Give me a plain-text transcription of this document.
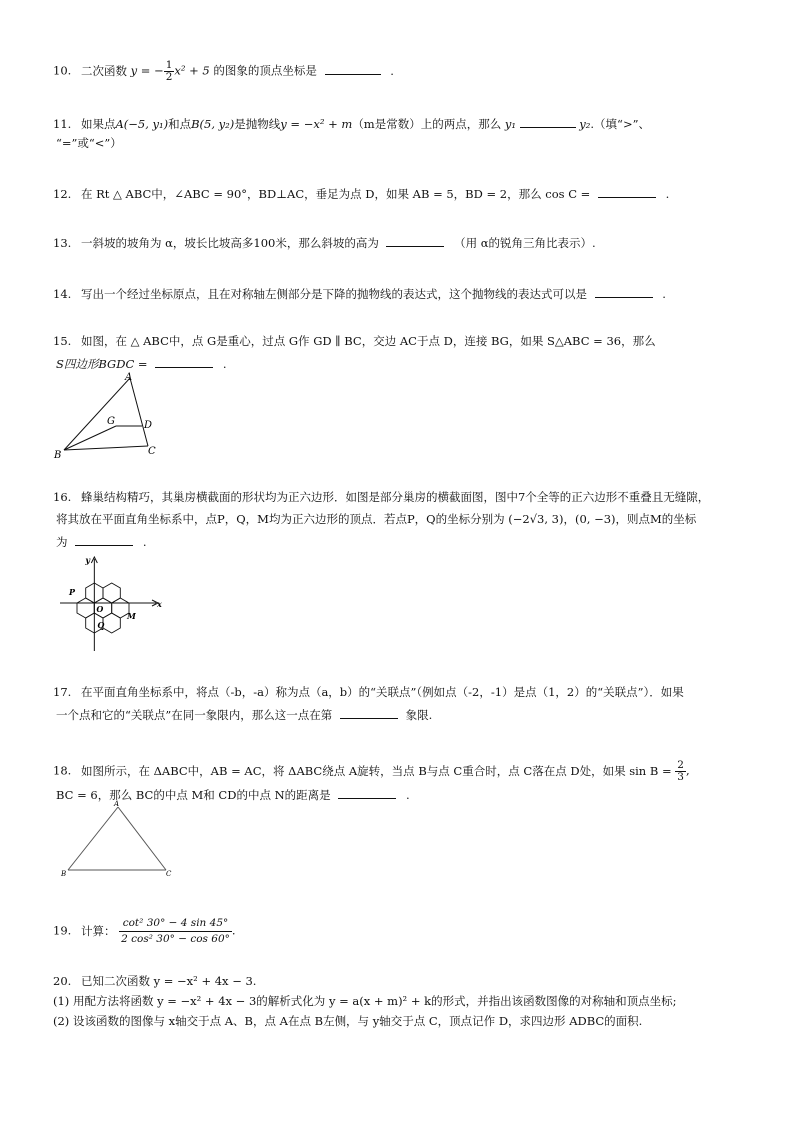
10. 二次函数 y = − $\frac{1}{2} x^2 + 5$ 的图象的顶点坐标是	.
11. 如果点A(−5, y₁)和点B(5, y₂)是抛物线y = −x² + m（m是常数）上的两点，那么 y₁	y₂.（填“>”、
“=”或“<”）
12. 在 Rt △ ABC中，∠ABC = 90°，BD⊥AC，垂足为点 D，如果 AB = 5，BD = 2，那么 cos C =	.
13. 一斜坡的坡角为 α，坡长比坡高多100米，那么斜坡的高为	（用 α的锐角三角比表示）.
14. 写出一个经过坐标原点，且在对称轴左侧部分是下降的抛物线的表达式，这个抛物线的表达式可以是	.
15. 如图，在 △ ABC中，点 G是重心，过点 G作 GD ∥ BC，交边 AC于点 D，连接 BG，如果 S△ABC = 36，那么
S四边形BGDC =	.
A
B	C
G	D
16. 蜂巢结构精巧，其巢房横截面的形状均为正六边形．如图是部分巢房的横截面图，图中7个全等的正六边形不重叠且无缝隙，
将其放在平面直角坐标系中，点P，Q，M均为正六边形的顶点．若点P，Q的坐标分别为 (−2√3, 3)，(0, −3)，则点M的坐标
为	.
y
x
P
O
Q
M
17. 在平面直角坐标系中，将点（-b，-a）称为点（a，b）的“关联点”（例如点（-2，-1）是点（1，2）的“关联点”）．如果
一个点和它的“关联点”在同一象限内，那么这一点在第	象限.
18. 如图所示，在 ΔABC中，AB = AC，将 ΔABC绕点 A旋转，当点 B与点 C重合时，点 C落在点 D处，如果 $\sin B = \frac{2}{3}$ ,
BC = 6，那么 BC的中点 M和 CD的中点 N的距离是	.
A
B	C
19. 计算： $\frac{\text{cot² 30° − 4 sin 45°}}{\text{2 cos² 30° − cos 60°}}$ .
20. 已知二次函数 y = −x² + 4x − 3.
(1) 用配方法将函数 y = −x² + 4x − 3的解析式化为 y = a(x + m)² + k的形式，并指出该函数图像的对称轴和顶点坐标;
(2) 设该函数的图像与 x轴交于点 A、B，点 A在点 B左侧，与 y轴交于点 C，顶点记作 D，求四边形 ADBC的面积.
